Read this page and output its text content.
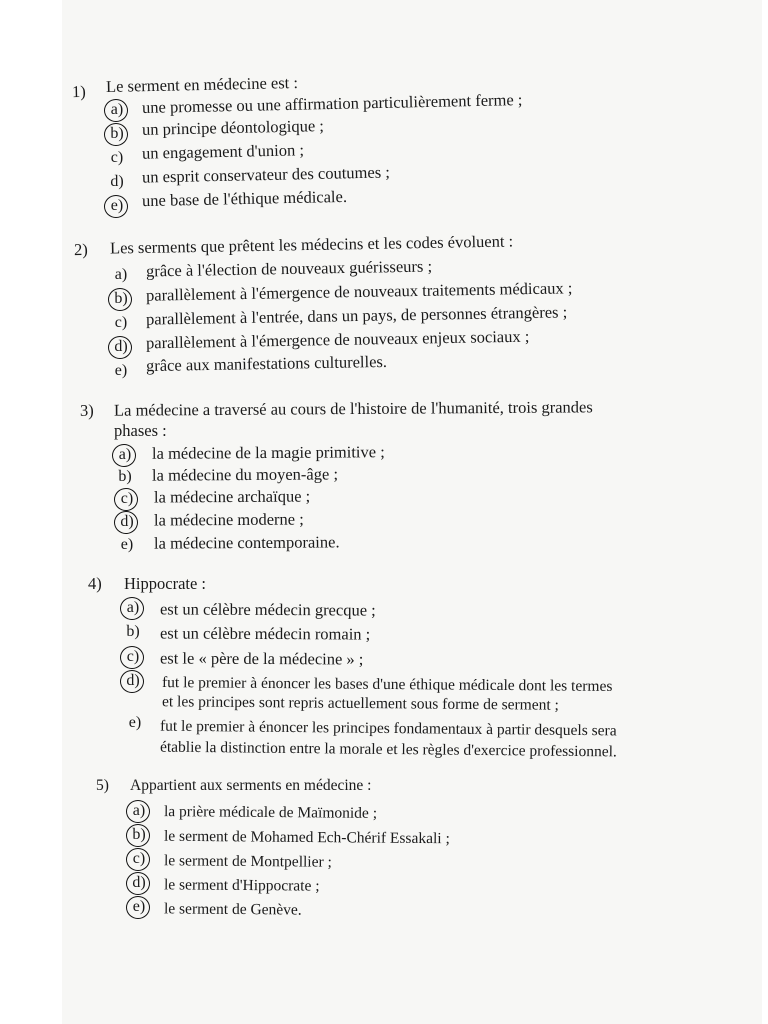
1) Le serment en médecine est :
a) une promesse ou une affirmation particulièrement ferme ;
b) un principe déontologique ;
c) un engagement d'union ;
d) un esprit conservateur des coutumes ;
e) une base de l'éthique médicale.
2) Les serments que prêtent les médecins et les codes évoluent :
a) grâce à l'élection de nouveaux guérisseurs ;
b) parallèlement à l'émergence de nouveaux traitements médicaux ;
c) parallèlement à l'entrée, dans un pays, de personnes étrangères ;
d) parallèlement à l'émergence de nouveaux enjeux sociaux ;
e) grâce aux manifestations culturelles.
3) La médecine a traversé au cours de l'histoire de l'humanité, trois grandes
phases :
a) la médecine de la magie primitive ;
b) la médecine du moyen-âge ;
c) la médecine archaïque ;
d) la médecine moderne ;
e) la médecine contemporaine.
4) Hippocrate :
a) est un célèbre médecin grecque ;
b) est un célèbre médecin romain ;
c) est le « père de la médecine » ;
d) fut le premier à énoncer les bases d'une éthique médicale dont les termes
et les principes sont repris actuellement sous forme de serment ;
e)	fut le premier à énoncer les principes fondamentaux à partir desquels sera
établie la distinction entre la morale et les règles d'exercice professionnel.
5) Appartient aux serments en médecine :
a)	la prière médicale de Maïmonide ;
b) le serment de Mohamed Ech-Chérif Essakali ;
c)	le serment de Montpellier ;
d) le serment d'Hippocrate ;
e)	le serment de Genève.
